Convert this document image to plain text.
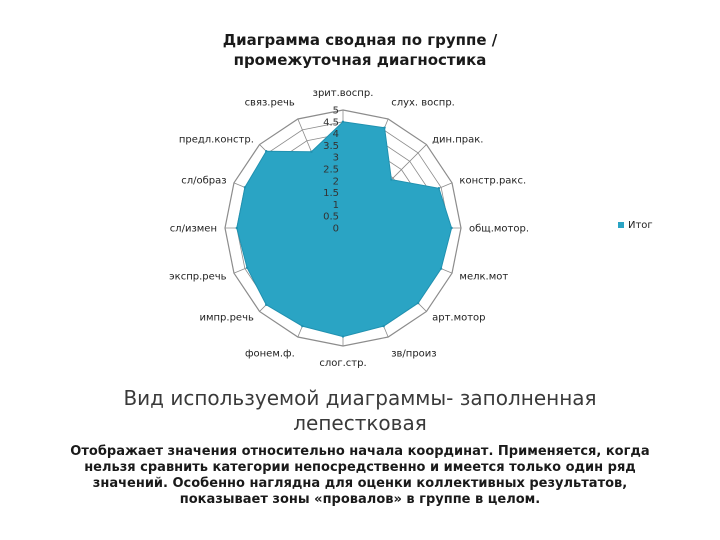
Диаграмма сводная по группе / промежуточная диагностика
0
0.5
1
1.5
2
2.5
3
3.5
4
4.5
5
зрит.воспр.
слух. воспр.
дин.прак.
констр.ракс.
общ.мотор.
мелк.мот
арт.мотор
зв/произ
слог.стр.
фонем.ф.
импр.речь
экспр.речь
сл/измен
сл/образ
предл.констр.
связ.речь
Итог
Вид используемой диаграммы- заполненная лепестковая
Отображает значения относительно начала координат. Применяется, когда нельзя сравнить категории непосредственно и имеется только один ряд значений. Особенно наглядна для оценки коллективных результатов, показывает зоны «провалов» в группе в целом.
